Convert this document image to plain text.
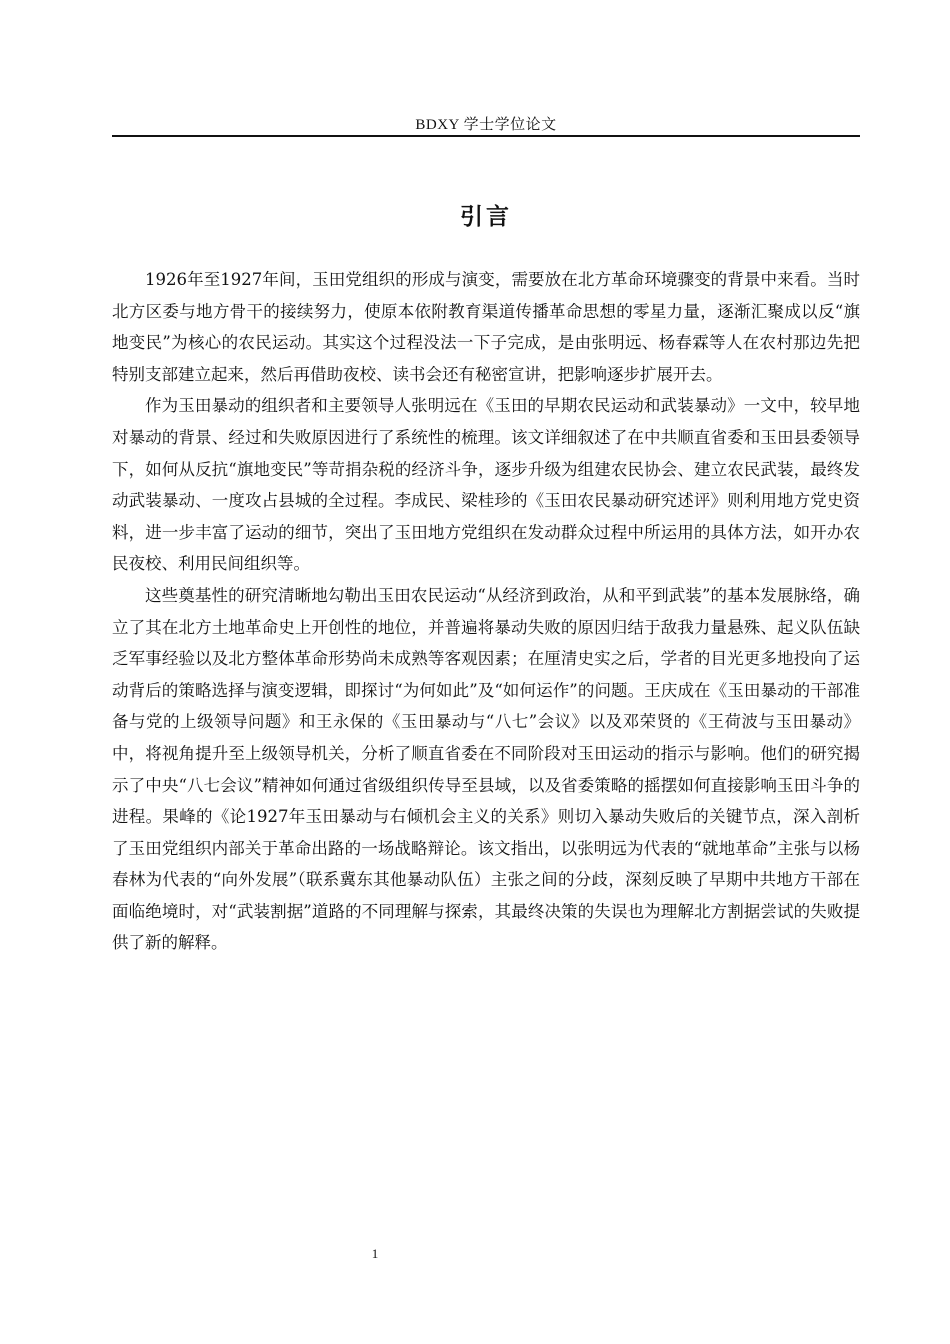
BDXY 学士学位论文
引言

1926年至1927年间，玉田党组织的形成与演变，需要放在北方革命环境骤变的背景中来看。当时北方区委与地方骨干的接续努力，使原本依附教育渠道传播革命思想的零星力量，逐渐汇聚成以反“旗地变民”为核心的农民运动。其实这个过程没法一下子完成，是由张明远、杨春霖等人在农村那边先把特别支部建立起来，然后再借助夜校、读书会还有秘密宣讲，把影响逐步扩展开去。

作为玉田暴动的组织者和主要领导人张明远在《玉田的早期农民运动和武装暴动》一文中，较早地对暴动的背景、经过和失败原因进行了系统性的梳理。该文详细叙述了在中共顺直省委和玉田县委领导下，如何从反抗“旗地变民”等苛捐杂税的经济斗争，逐步升级为组建农民协会、建立农民武装，最终发动武装暴动、一度攻占县城的全过程。李成民、梁桂珍的《玉田农民暴动研究述评》则利用地方党史资料，进一步丰富了运动的细节，突出了玉田地方党组织在发动群众过程中所运用的具体方法，如开办农民夜校、利用民间组织等。

这些奠基性的研究清晰地勾勒出玉田农民运动“从经济到政治，从和平到武装”的基本发展脉络，确立了其在北方土地革命史上开创性的地位，并普遍将暴动失败的原因归结于敌我力量悬殊、起义队伍缺乏军事经验以及北方整体革命形势尚未成熟等客观因素；在厘清史实之后，学者的目光更多地投向了运动背后的策略选择与演变逻辑，即探讨“为何如此”及“如何运作”的问题。王庆成在《玉田暴动的干部准备与党的上级领导问题》和王永保的《玉田暴动与“八七”会议》以及邓荣贤的《王荷波与玉田暴动》中，将视角提升至上级领导机关，分析了顺直省委在不同阶段对玉田运动的指示与影响。他们的研究揭示了中央“八七会议”精神如何通过省级组织传导至县域，以及省委策略的摇摆如何直接影响玉田斗争的进程。果峰的《论1927年玉田暴动与右倾机会主义的关系》则切入暴动失败后的关键节点，深入剖析了玉田党组织内部关于革命出路的一场战略辩论。该文指出，以张明远为代表的“就地革命”主张与以杨春林为代表的“向外发展”（联系冀东其他暴动队伍）主张之间的分歧，深刻反映了早期中共地方干部在面临绝境时，对“武装割据”道路的不同理解与探索，其最终决策的失误也为理解北方割据尝试的失败提供了新的解释。

1
